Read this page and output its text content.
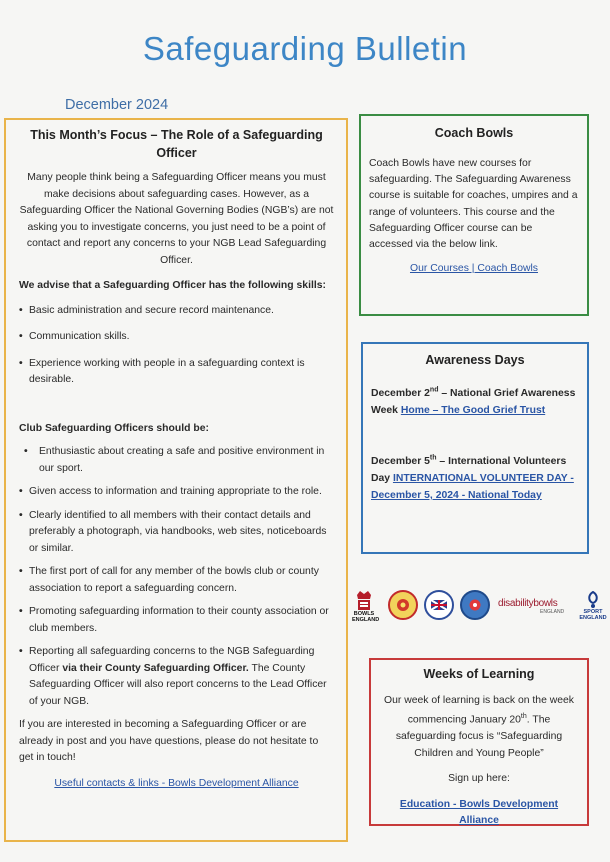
Safeguarding Bulletin
December 2024
This Month’s Focus – The Role of a Safeguarding Officer

Many people think being a Safeguarding Officer means you must make decisions about safeguarding cases. However, as a Safeguarding Officer the National Governing Bodies (NGB’s) are not asking you to investigate concerns, you just need to be a point of contact and report any concerns to your NGB Lead Safeguarding Officer.

We advise that a Safeguarding Officer has the following skills:

• Basic administration and secure record maintenance.

• Communication skills.

• Experience working with people in a safeguarding context is desirable.

Club Safeguarding Officers should be:

• Enthusiastic about creating a safe and positive environment in our sport.

• Given access to information and training appropriate to the role.

• Clearly identified to all members with their contact details and preferably a photograph, via handbooks, web sites, noticeboards or similar.

• The first port of call for any member of the bowls club or county association to report a safeguarding concern.

• Promoting safeguarding information to their county association or club members.

• Reporting all safeguarding concerns to the NGB Safeguarding Officer via their County Safeguarding Officer. The County Safeguarding Officer will also report concerns to the Lead Officer of your NGB.

If you are interested in becoming a Safeguarding Officer or are already in post and you have questions, please do not hesitate to get in touch!

Useful contacts & links - Bowls Development Alliance

Coach Bowls
Coach Bowls have new courses for safeguarding. The Safeguarding Awareness course is suitable for coaches, umpires and a range of volunteers. This course and the Safeguarding Officer course can be accessed via the below link.
Our Courses | Coach Bowls
Awareness Days
December 2nd – National Grief Awareness Week Home – The Good Grief Trust
December 5th – International Volunteers Day INTERNATIONAL VOLUNTEER DAY - December 5, 2024 - National Today
BOWLS ENGLAND
disabilitybowls
ENGLAND	SPORT ENGLAND
Weeks of Learning
Our week of learning is back on the week commencing January 20th. The safeguarding focus is “Safeguarding Children and Young People”
Sign up here:
Education - Bowls Development Alliance
